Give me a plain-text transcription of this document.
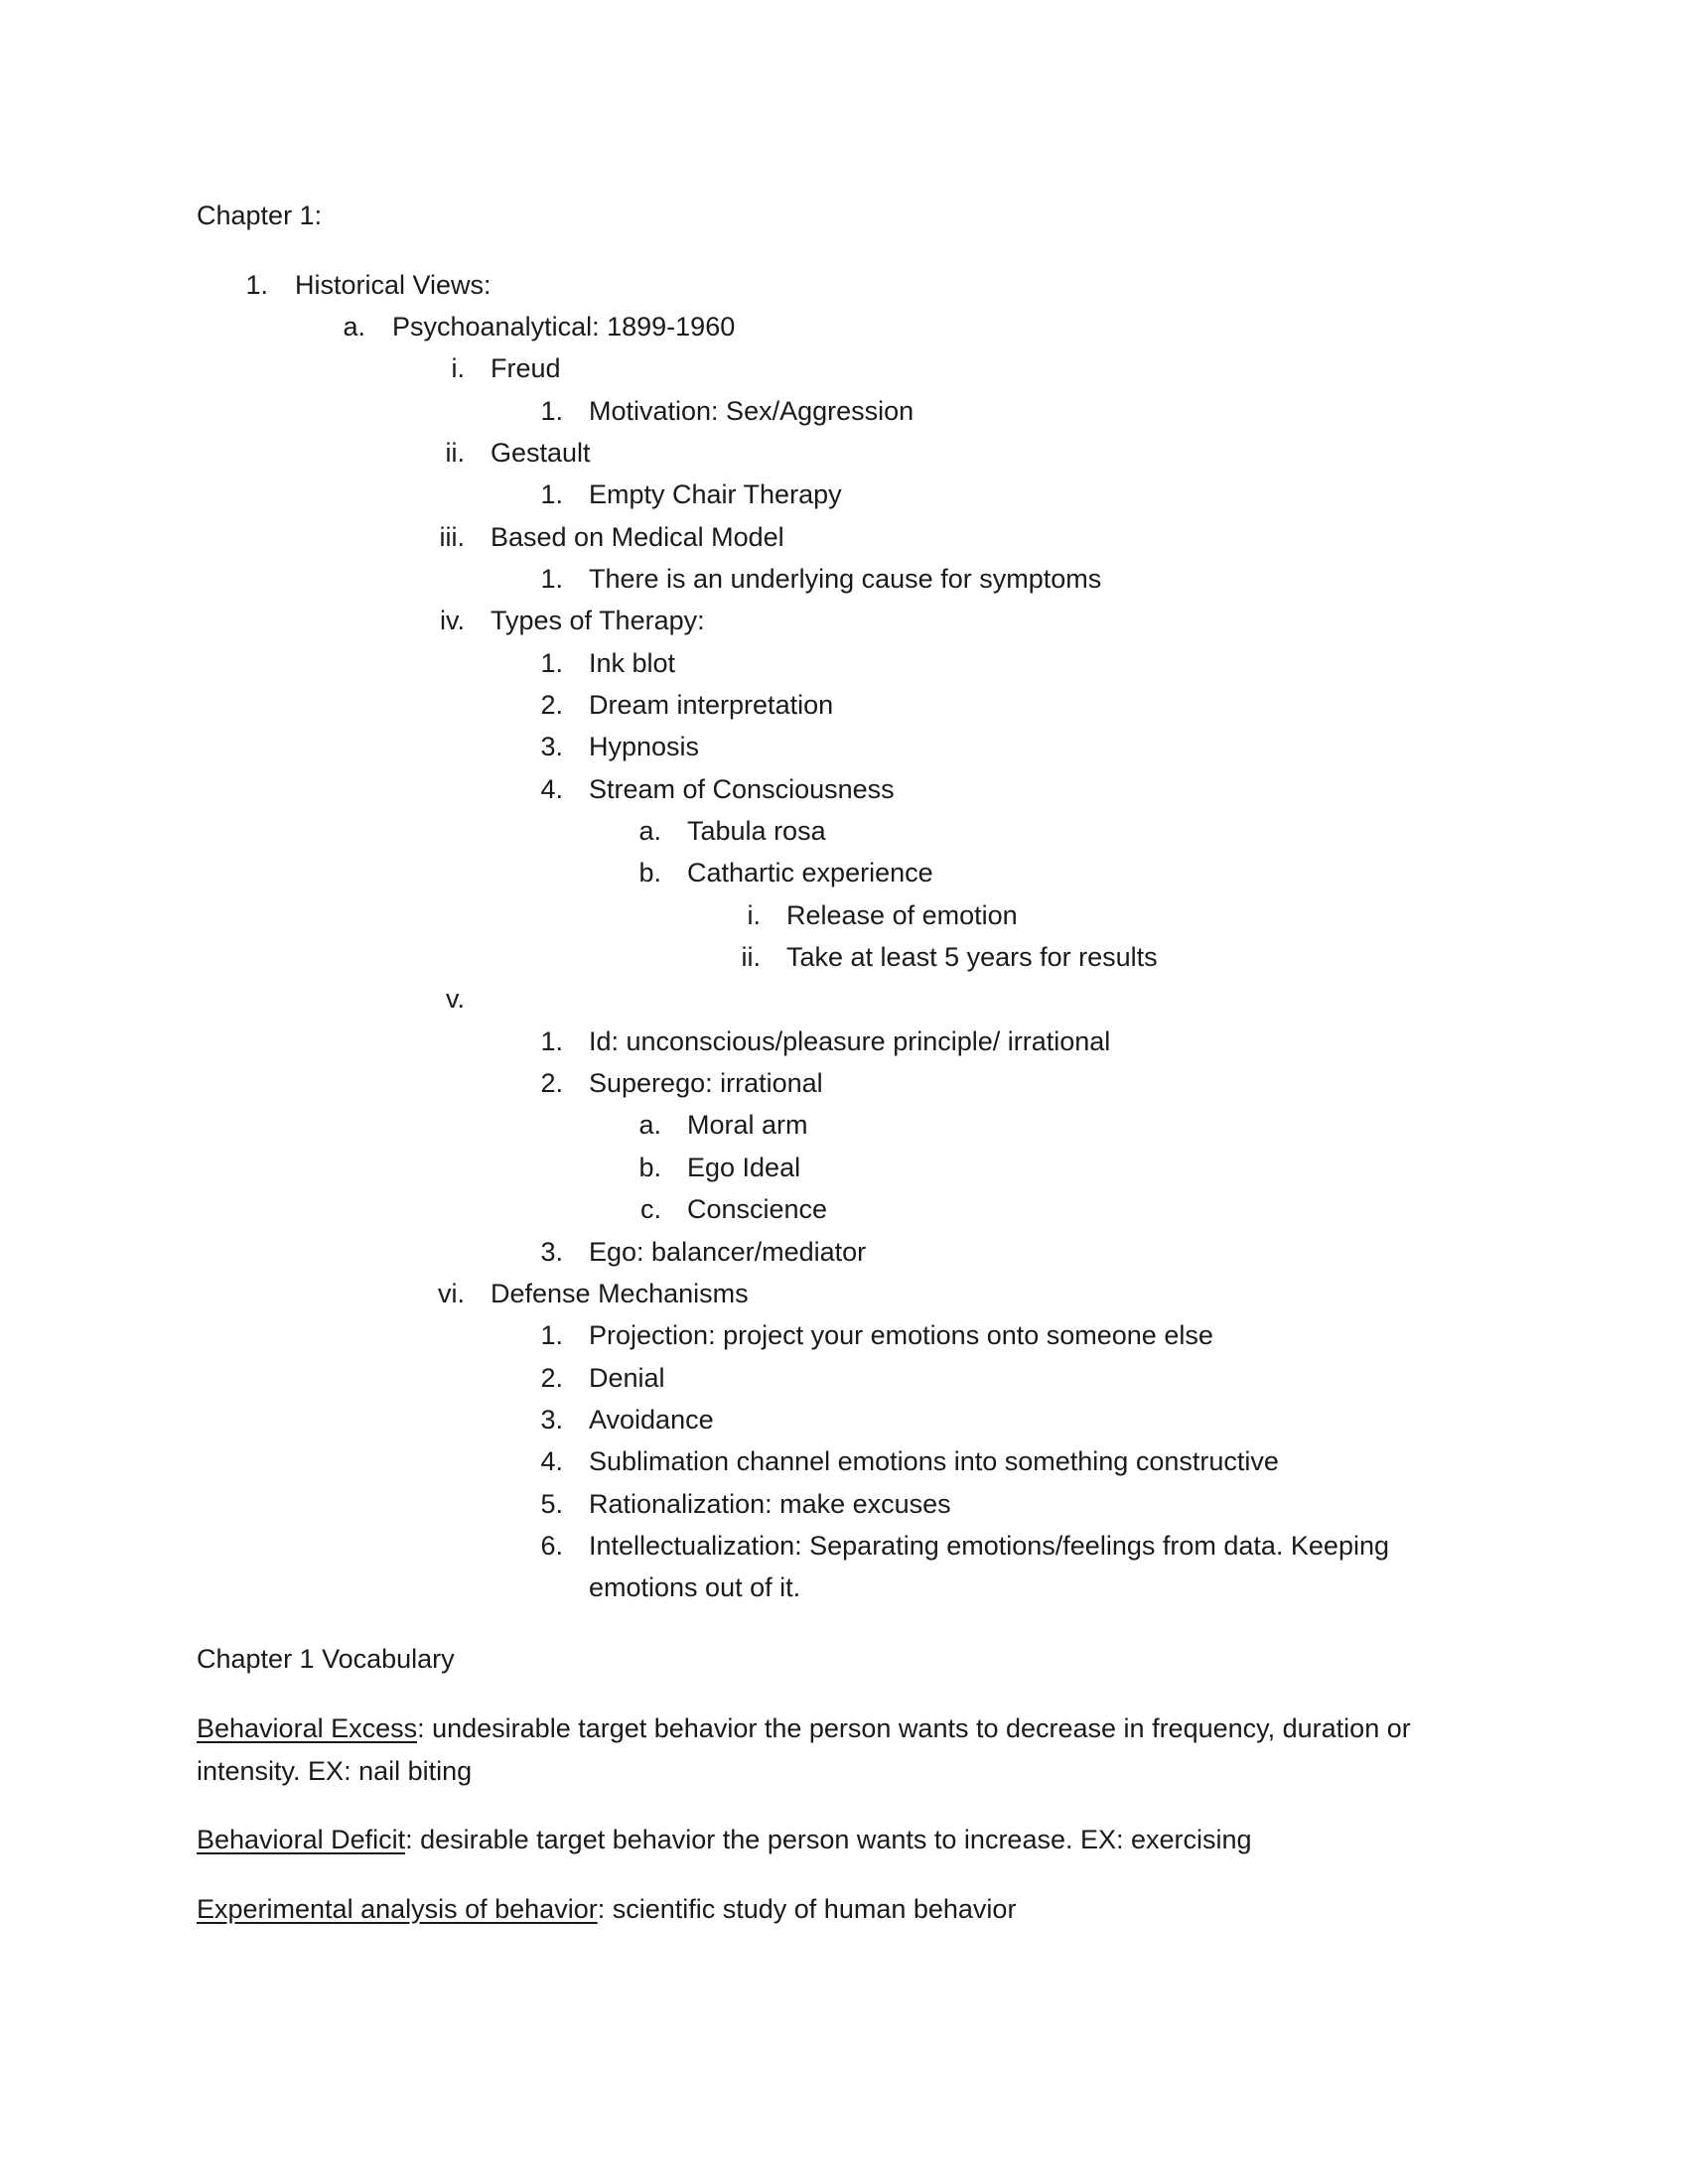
Chapter 1:
1. Historical Views:
a. Psychoanalytical: 1899-1960
i. Freud
1. Motivation: Sex/Aggression
ii. Gestault
1. Empty Chair Therapy
iii. Based on Medical Model
1. There is an underlying cause for symptoms
iv. Types of Therapy:
1. Ink blot
2. Dream interpretation
3. Hypnosis
4. Stream of Consciousness
a. Tabula rosa
b. Cathartic experience
i. Release of emotion
ii. Take at least 5 years for results
v.
1. Id: unconscious/pleasure principle/ irrational
2. Superego: irrational
a. Moral arm
b. Ego Ideal
c. Conscience
3. Ego: balancer/mediator
vi. Defense Mechanisms
1. Projection: project your emotions onto someone else
2. Denial
3. Avoidance
4. Sublimation channel emotions into something constructive
5. Rationalization: make excuses
6. Intellectualization: Separating emotions/feelings from data. Keeping
emotions out of it.
Chapter 1 Vocabulary
Behavioral Excess: undesirable target behavior the person wants to decrease in frequency, duration or intensity. EX: nail biting
Behavioral Deficit: desirable target behavior the person wants to increase. EX: exercising
Experimental analysis of behavior: scientific study of human behavior
